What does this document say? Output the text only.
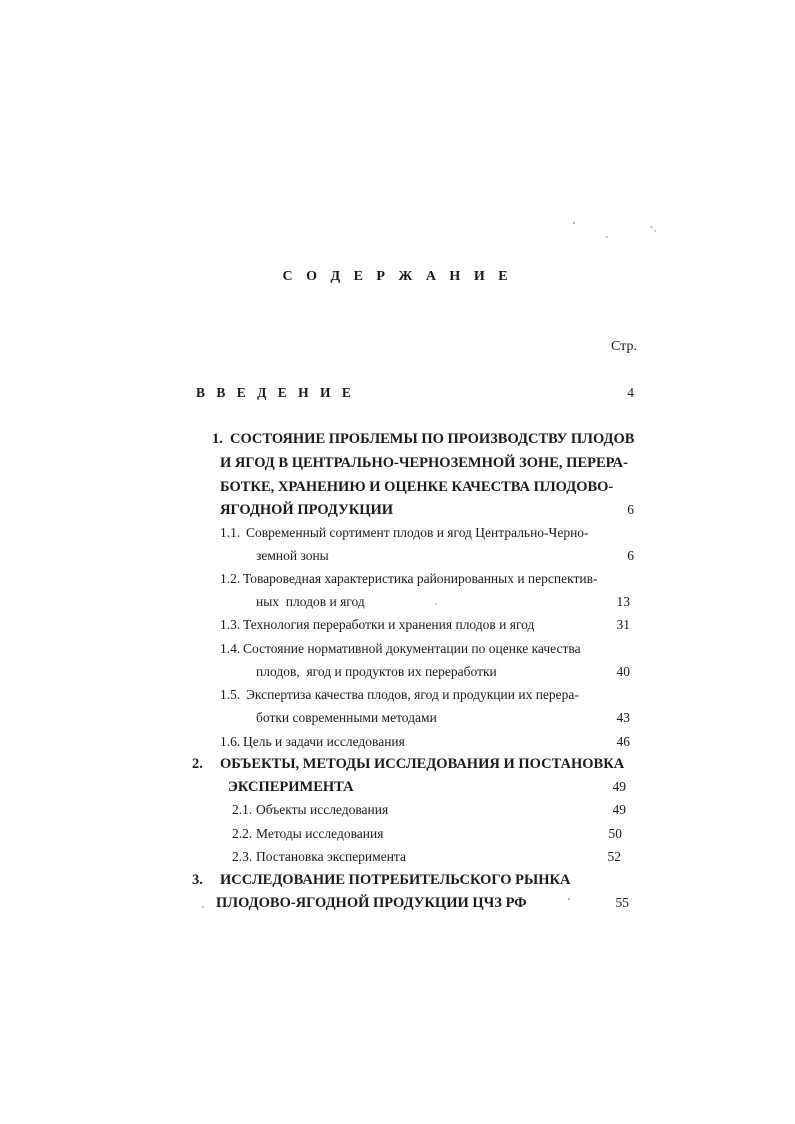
С О Д Е Р Ж А Н И Е
Стр.
В В Е Д Е Н И Е	4
1. СОСТОЯНИЕ ПРОБЛЕМЫ ПО ПРОИЗВОДСТВУ ПЛОДОВ
И ЯГОД В ЦЕНТРАЛЬНО-ЧЕРНОЗЕМНОЙ ЗОНЕ, ПЕРЕРА-
БОТКЕ, ХРАНЕНИЮ И ОЦЕНКЕ КАЧЕСТВА ПЛОДОВО-
ЯГОДНОЙ ПРОДУКЦИИ	6
1.1. Современный сортимент плодов и ягод Центрально-Черно-
земной зоны	6
1.2. Товароведная характеристика районированных и перспектив-
ных  плодов и ягод	13
1.3. Технология переработки и хранения плодов и ягод	31
1.4. Состояние нормативной документации по оценке качества
плодов,  ягод и продуктов их переработки	40
1.5. Экспертиза качества плодов, ягод и продукции их перера-
ботки современными методами	43
1.6. Цель и задачи исследования	46
2. ОБЪЕКТЫ, МЕТОДЫ ИССЛЕДОВАНИЯ И ПОСТАНОВКА
ЭКСПЕРИМЕНТА	49
2.1. Объекты исследования	49
2.2. Методы исследования	50
2.3. Постановка эксперимента	52
3. ИССЛЕДОВАНИЕ ПОТРЕБИТЕЛЬСКОГО РЫНКА
ПЛОДОВО-ЯГОДНОЙ ПРОДУКЦИИ ЦЧЗ РФ	55
